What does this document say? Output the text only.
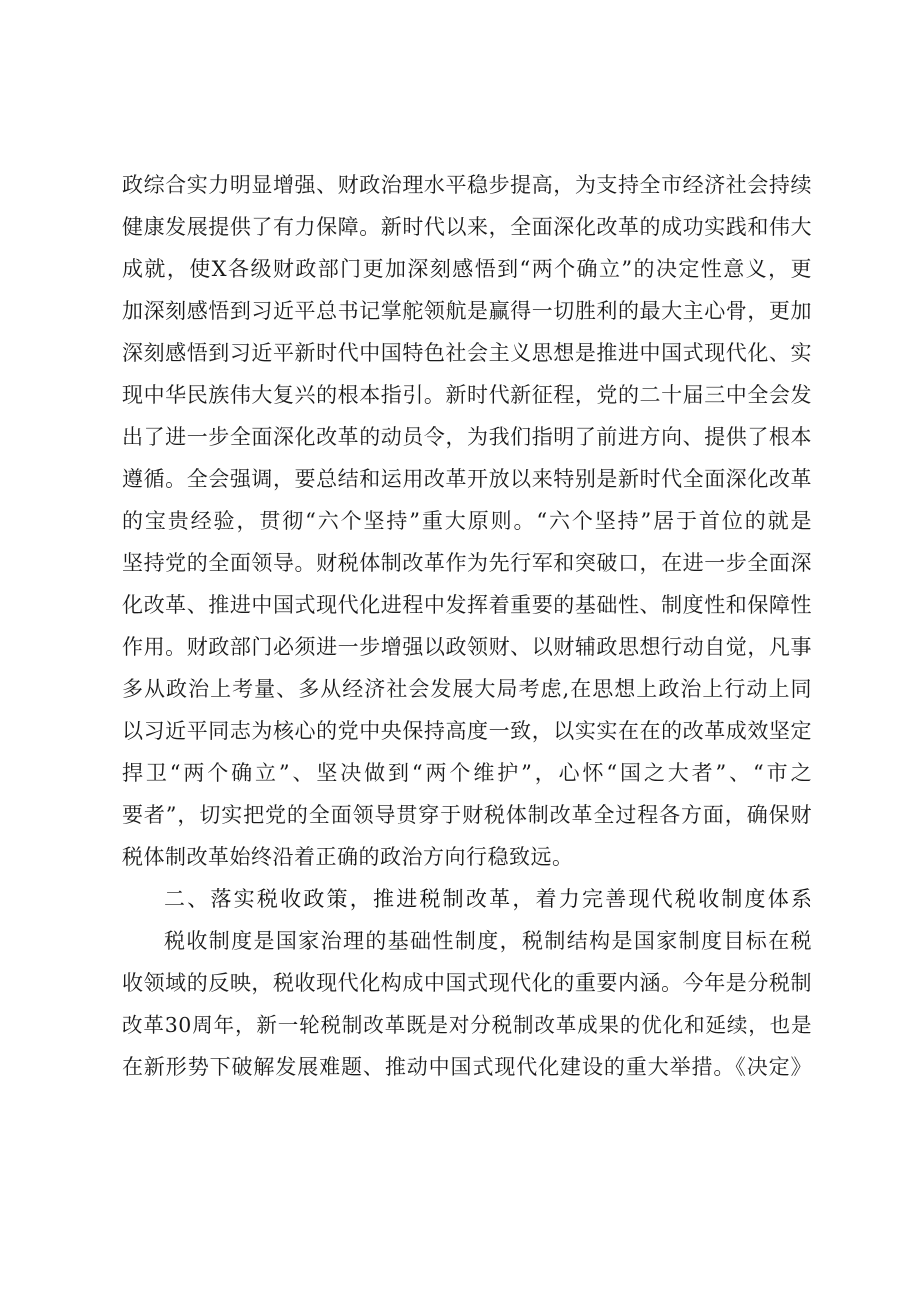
政综合实力明显增强、财政治理水平稳步提高，为支持全市经济社会持续
健康发展提供了有力保障。新时代以来，全面深化改革的成功实践和伟大
成就，使X各级财政部门更加深刻感悟到“两个确立”的决定性意义，更
加深刻感悟到习近平总书记掌舵领航是赢得一切胜利的最大主心骨，更加
深刻感悟到习近平新时代中国特色社会主义思想是推进中国式现代化、实
现中华民族伟大复兴的根本指引。新时代新征程，党的二十届三中全会发
出了进一步全面深化改革的动员令，为我们指明了前进方向、提供了根本
遵循。全会强调，要总结和运用改革开放以来特别是新时代全面深化改革
的宝贵经验，贯彻“六个坚持”重大原则。“六个坚持”居于首位的就是
坚持党的全面领导。财税体制改革作为先行军和突破口，在进一步全面深
化改革、推进中国式现代化进程中发挥着重要的基础性、制度性和保障性
作用。财政部门必须进一步增强以政领财、以财辅政思想行动自觉，凡事
多从政治上考量、多从经济社会发展大局考虑,在思想上政治上行动上同
以习近平同志为核心的党中央保持高度一致，以实实在在的改革成效坚定
捍卫“两个确立”、坚决做到“两个维护”，心怀“国之大者”、“市之
要者”，切实把党的全面领导贯穿于财税体制改革全过程各方面，确保财
税体制改革始终沿着正确的政治方向行稳致远。
二、落实税收政策，推进税制改革，着力完善现代税收制度体系
税收制度是国家治理的基础性制度，税制结构是国家制度目标在税
收领域的反映，税收现代化构成中国式现代化的重要内涵。今年是分税制
改革30周年，新一轮税制改革既是对分税制改革成果的优化和延续，也是
在新形势下破解发展难题、推动中国式现代化建设的重大举措。《决定》
